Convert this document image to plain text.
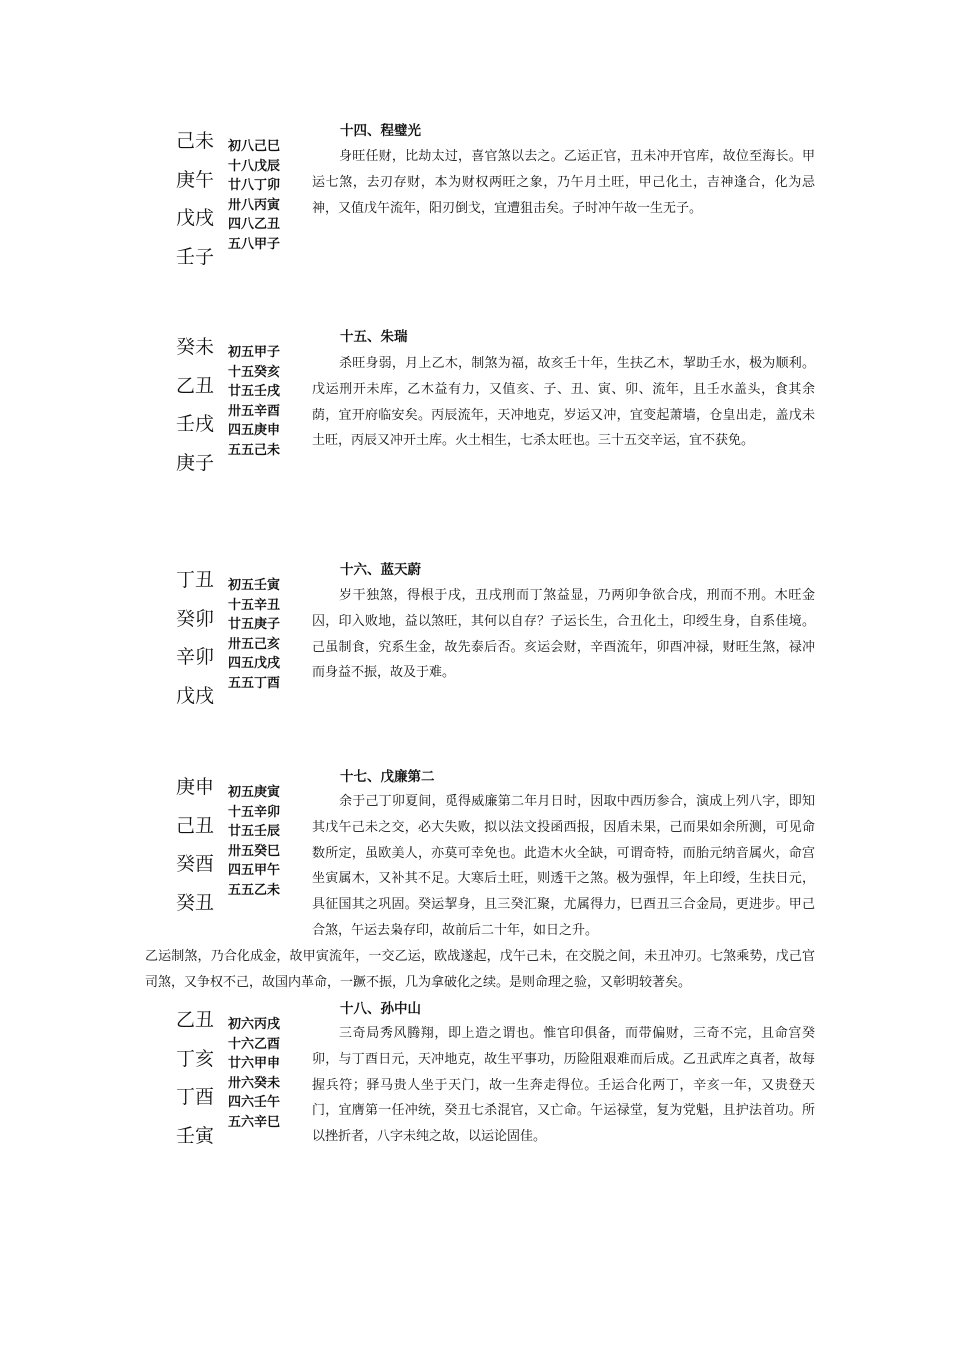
己未
庚午
戊戌
壬子
初八己巳
十八戊辰
廿八丁卯
卅八丙寅
四八乙丑
五八甲子
十四、程璧光

身旺任财，比劫太过，喜官煞以去之。乙运正官，丑未冲开官库，故位至海长。甲运七煞，去刃存财，本为财权两旺之象，乃午月土旺，甲己化土，吉神逢合，化为忌神，又值戊午流年，阳刃倒戈，宜遭狙击矣。子时冲午故一生无子。

癸未
乙丑
壬戌
庚子
初五甲子
十五癸亥
廿五壬戌
卅五辛酉
四五庚申
五五己未
十五、朱瑞

杀旺身弱，月上乙木，制煞为福，故亥壬十年，生扶乙木，挈助壬水，极为顺利。戊运刑开未库，乙木益有力，又值亥、子、丑、寅、卯、流年，且壬水盖头，食其余荫，宜开府临安矣。丙辰流年，天冲地克，岁运又冲，宜变起萧墙，仓皇出走，盖戊未土旺，丙辰又冲开土库。火土相生，七杀太旺也。三十五交辛运，宜不获免。

丁丑
癸卯
辛卯
戊戌
初五壬寅
十五辛丑
廿五庚子
卅五己亥
四五戊戌
五五丁酉
十六、蓝天蔚

岁干独煞，得根于戌，丑戌刑而丁煞益显，乃两卯争欲合戌，刑而不刑。木旺金囚，印入败地，益以煞旺，其何以自存？子运长生，合丑化土，印绶生身，自系佳境。己虽制食，究系生金，故先泰后否。亥运会财，辛酉流年，卯酉冲禄，财旺生煞，禄冲而身益不振，故及于难。

庚申
己丑
癸酉
癸丑
初五庚寅
十五辛卯
廿五壬辰
卅五癸巳
四五甲午
五五乙未
十七、戊廉第二

余于己丁卯夏间，觅得威廉第二年月日时，因取中西历参合，演成上列八字，即知其戊午己未之交，必大失败，拟以法文投函西报，因盾未果，己而果如余所测，可见命数所定，虽欧美人，亦莫可幸免也。此造木火全缺，可谓奇特，而胎元纳音属火，命宫坐寅属木，又补其不足。大寒后土旺，则透干之煞。极为强悍，年上印绶，生扶日元，具征国其之巩固。癸运挈身，且三癸汇聚，尤属得力，巳酉丑三合金局，更进步。甲己合煞，午运去枭存印，故前后二十年，如日之升。

乙运制煞，乃合化成金，故甲寅流年，一交乙运，欧战遂起，戊午己未，在交脱之间，未丑冲刃。七煞乘势，戊己官司煞，又争权不己，故国内革命，一蹶不振，几为拿破化之续。是则命理之验，又彰明较著矣。

乙丑
丁亥
丁酉
壬寅
初六丙戌
十六乙酉
廿六甲申
卅六癸未
四六壬午
五六辛巳
十八、孙中山

三奇局秀风腾翔，即上造之谓也。惟官印俱备，而带偏财，三奇不完，且命宫癸卯，与丁酉日元，天冲地克，故生平事功，历险阻艰难而后成。乙丑武库之真者，故每握兵符；驿马贵人坐于天门，故一生奔走得位。壬运合化两丁，辛亥一年，又贵登天门，宜膺第一任冲统，癸丑七杀混官，又亡命。午运禄堂，复为党魁，且护法首功。所以挫折者，八字未纯之故，以运论固佳。
